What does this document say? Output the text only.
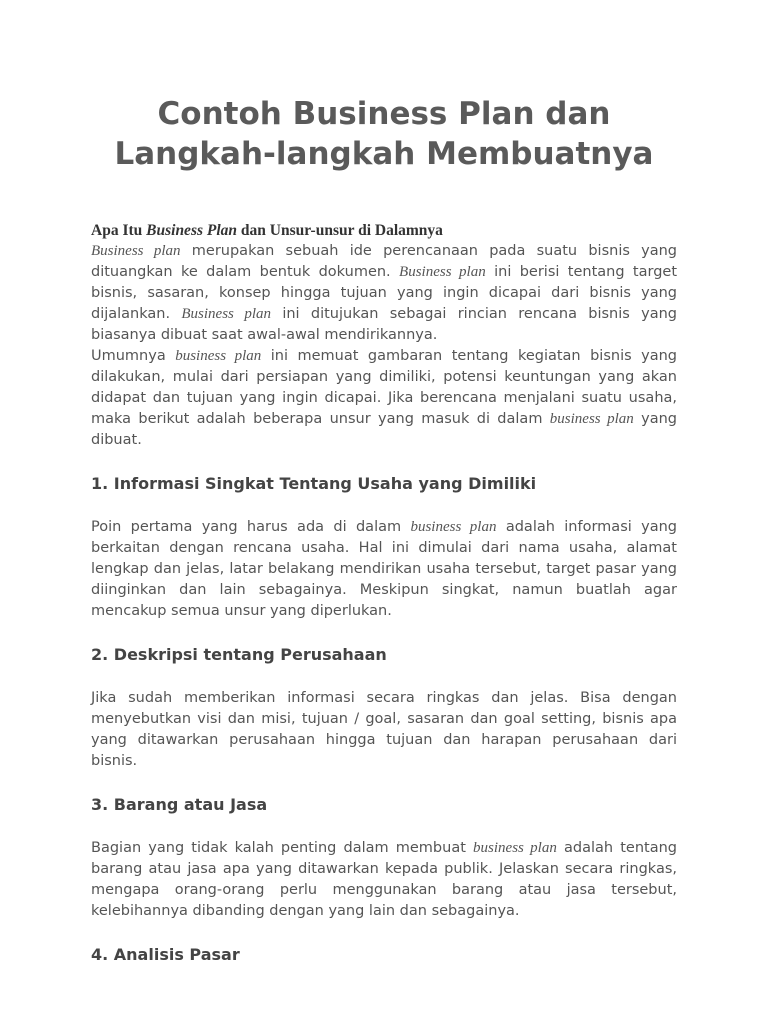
Contoh Business Plan dan Langkah-langkah Membuatnya
Apa Itu Business Plan dan Unsur-unsur di Dalamnya

Business plan merupakan sebuah ide perencanaan pada suatu bisnis yang dituangkan ke dalam bentuk dokumen. Business plan ini berisi tentang target bisnis, sasaran, konsep hingga tujuan yang ingin dicapai dari bisnis yang dijalankan. Business plan ini ditujukan sebagai rincian rencana bisnis yang biasanya dibuat saat awal-awal mendirikannya.

Umumnya business plan ini memuat gambaran tentang kegiatan bisnis yang dilakukan, mulai dari persiapan yang dimiliki, potensi keuntungan yang akan didapat dan tujuan yang ingin dicapai. Jika berencana menjalani suatu usaha, maka berikut adalah beberapa unsur yang masuk di dalam business plan yang dibuat.

1. Informasi Singkat Tentang Usaha yang Dimiliki

Poin pertama yang harus ada di dalam business plan adalah informasi yang berkaitan dengan rencana usaha. Hal ini dimulai dari nama usaha, alamat lengkap dan jelas, latar belakang mendirikan usaha tersebut, target pasar yang diinginkan dan lain sebagainya. Meskipun singkat, namun buatlah agar mencakup semua unsur yang diperlukan.

2. Deskripsi tentang Perusahaan

Jika sudah memberikan informasi secara ringkas dan jelas. Bisa dengan menyebutkan visi dan misi, tujuan / goal, sasaran dan goal setting, bisnis apa yang ditawarkan perusahaan hingga tujuan dan harapan perusahaan dari bisnis.

3. Barang atau Jasa

Bagian yang tidak kalah penting dalam membuat business plan adalah tentang barang atau jasa apa yang ditawarkan kepada publik. Jelaskan secara ringkas, mengapa orang-orang perlu menggunakan barang atau jasa tersebut, kelebihannya dibanding dengan yang lain dan sebagainya.

4. Analisis Pasar
